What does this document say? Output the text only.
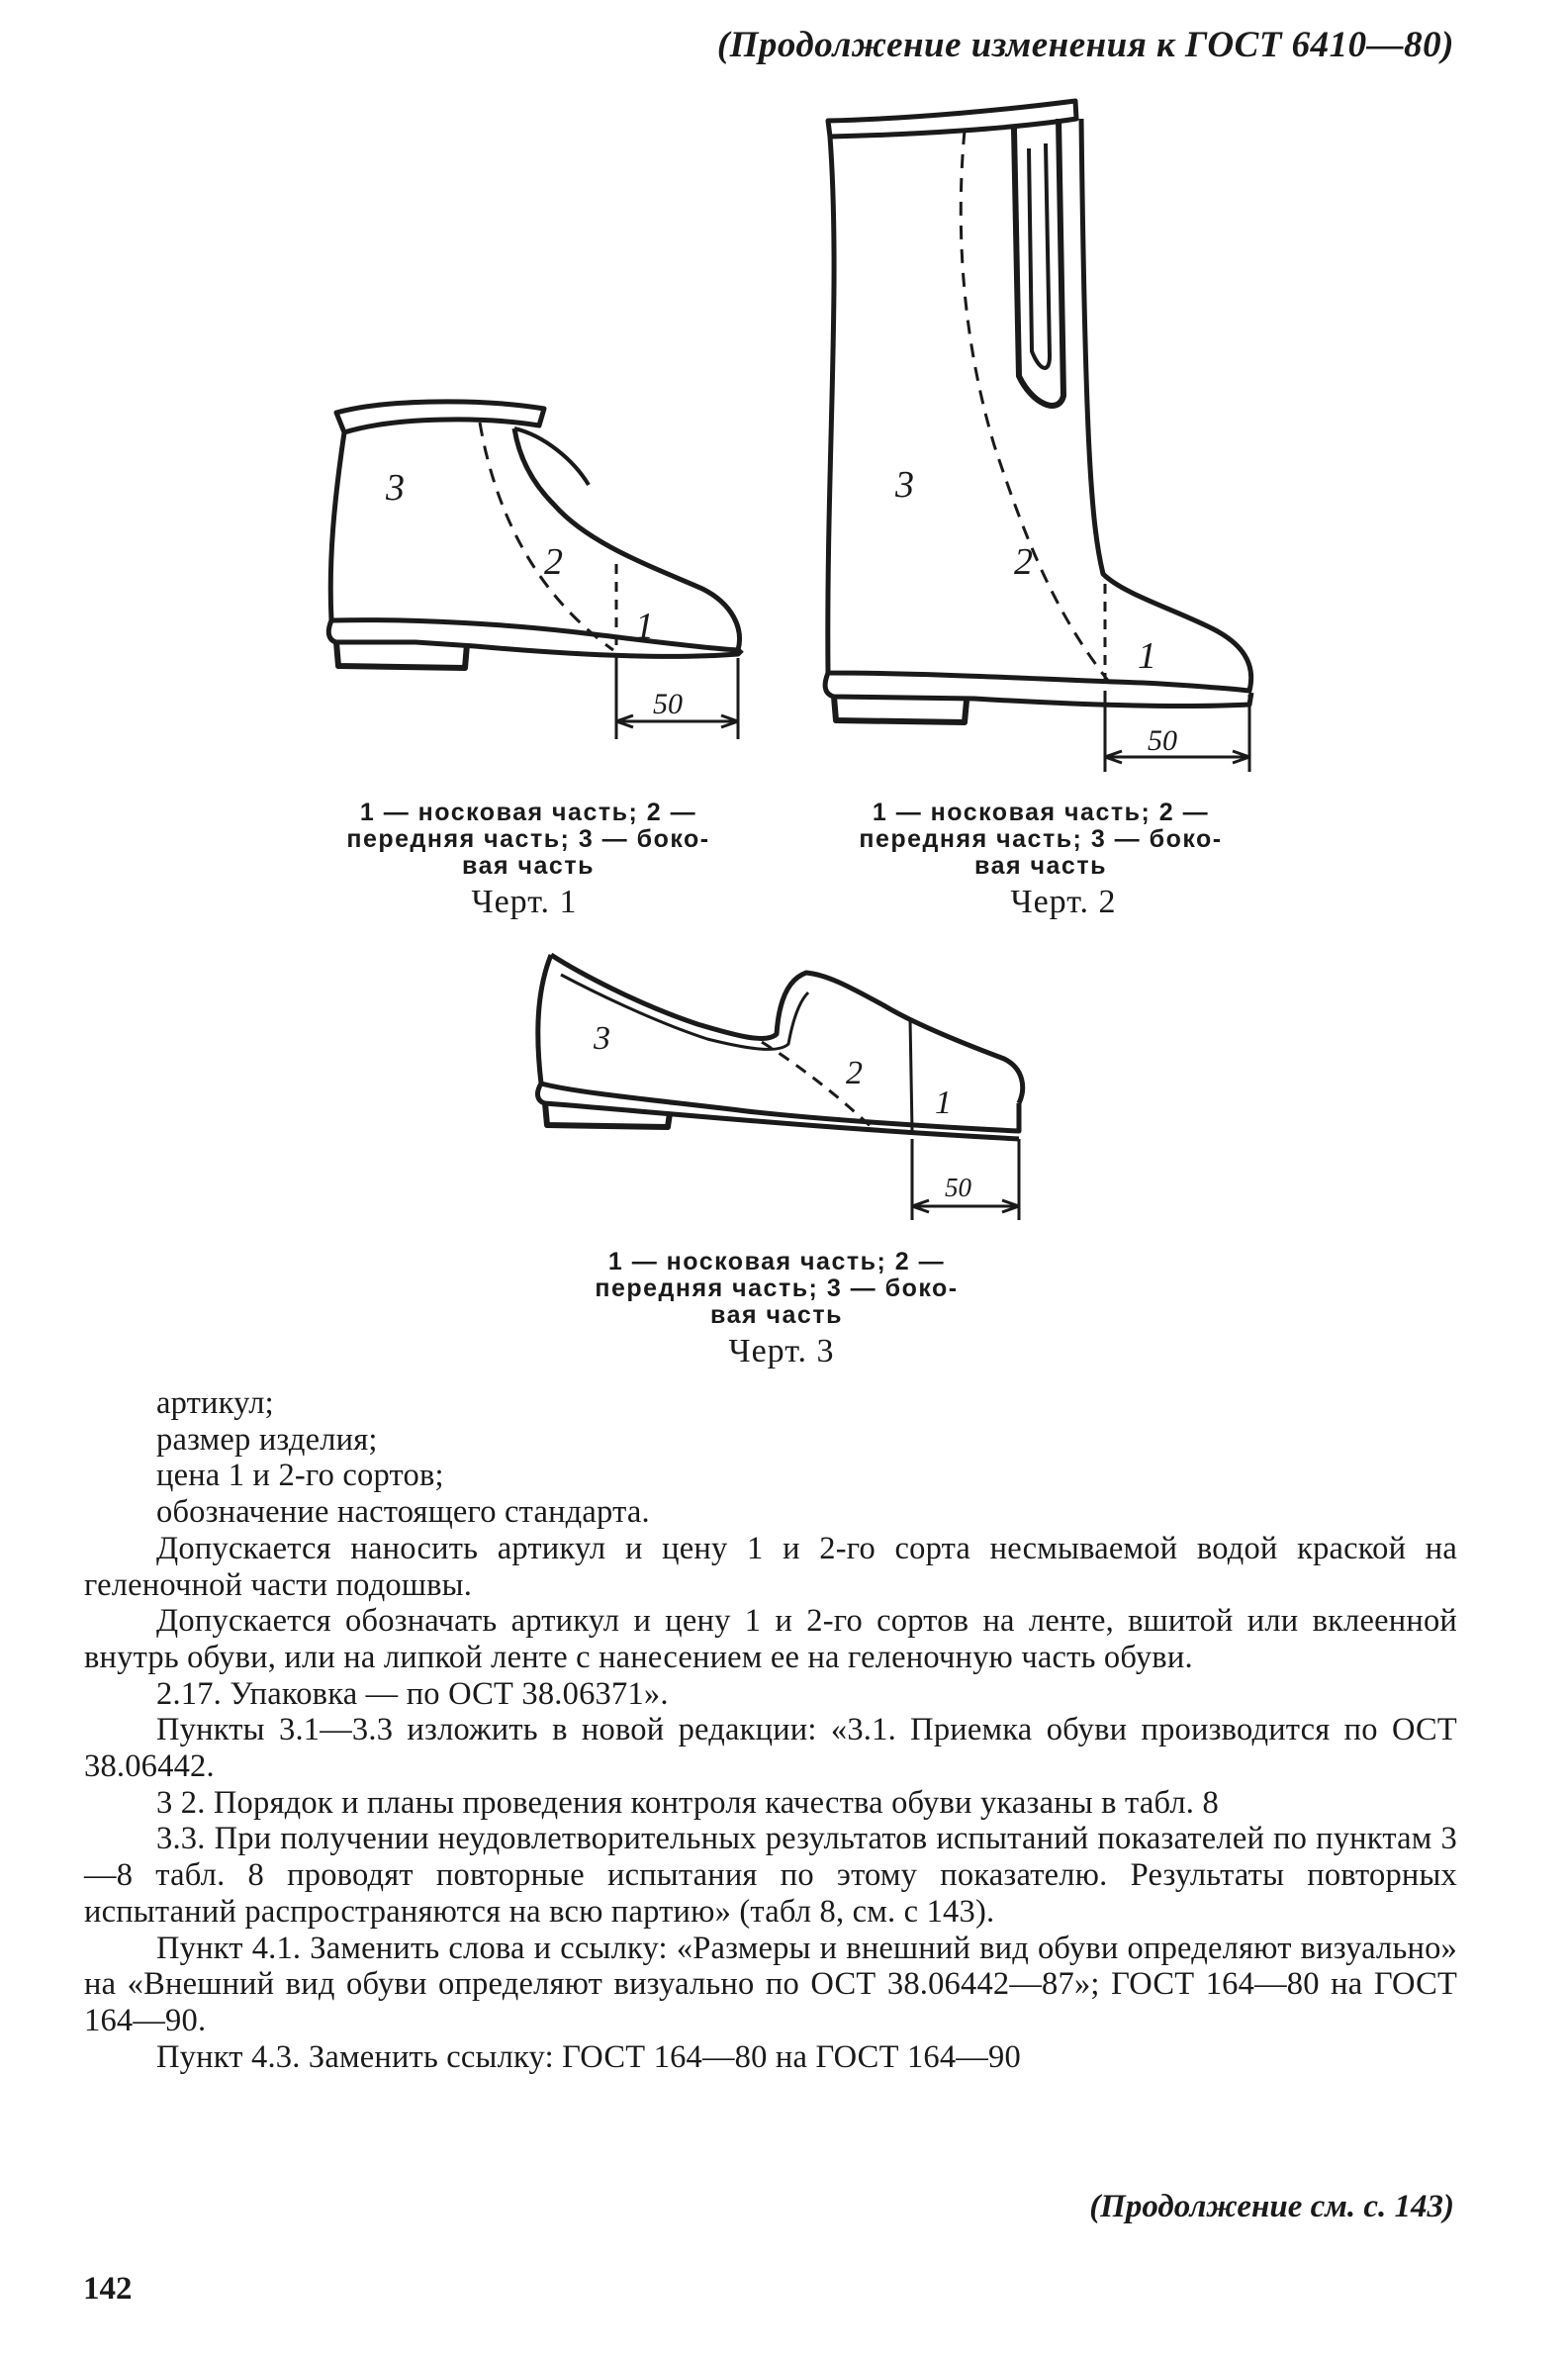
(Продолжение изменения к ГОСТ 6410—80)
3
2
1
50
1 — носковая часть; 2 —
передняя часть; 3 — боко-
вая часть
Черт. 1
3
2
1
50
1 — носковая часть; 2 —
передняя часть; 3 — боко-
вая часть
Черт. 2
3
2
1
50
1 — носковая часть; 2 —
передняя часть; 3 — боко-
вая часть
Черт. 3
артикул;
размер изделия;
цена 1 и 2-го сортов;
обозначение настоящего стандарта.
Допускается наносить артикул и цену 1 и 2-го сорта несмываемой водой краской на геленочной части подошвы.
Допускается обозначать артикул и цену 1 и 2-го сортов на ленте, вшитой или вклеенной внутрь обуви, или на липкой ленте с нанесением ее на геленочную часть обуви.
2.17. Упаковка — по ОСТ 38.06371».
Пункты 3.1—3.3 изложить в новой редакции: «3.1. Приемка обуви производится по ОСТ 38.06442.
3 2. Порядок и планы проведения контроля качества обуви указаны в табл. 8
3.3. При получении неудовлетворительных результатов испытаний показателей по пунктам 3—8 табл. 8 проводят повторные испытания по этому показателю. Результаты повторных испытаний распространяются на всю партию» (табл 8, см. с 143).
Пункт 4.1. Заменить слова и ссылку: «Размеры и внешний вид обуви определяют визуально» на «Внешний вид обуви определяют визуально по ОСТ 38.06442—87»; ГОСТ 164—80 на ГОСТ 164—90.
Пункт 4.3. Заменить ссылку: ГОСТ 164—80 на ГОСТ 164—90
(Продолжение см. с. 143)
142
